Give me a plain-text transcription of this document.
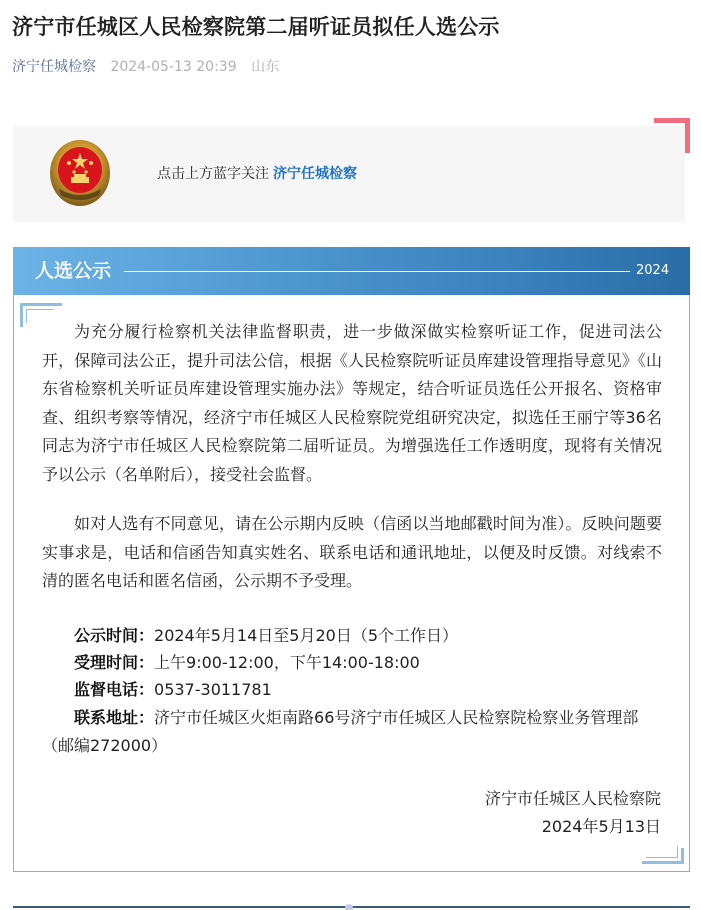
济宁市任城区人民检察院第二届听证员拟任人选公示
济宁任城检察 2024-05-13 20:39 山东
点击上方蓝字关注 济宁任城检察
人选公示	2024

为充分履行检察机关法律监督职责，进一步做深做实检察听证工作，促进司法公开，保障司法公正，提升司法公信，根据《人民检察院听证员库建设管理指导意见》《山东省检察机关听证员库建设管理实施办法》等规定，结合听证员选任公开报名、资格审查、组织考察等情况，经济宁市任城区人民检察院党组研究决定，拟选任王丽宁等36名同志为济宁市任城区人民检察院第二届听证员。为增强选任工作透明度，现将有关情况予以公示（名单附后），接受社会监督。

如对人选有不同意见，请在公示期内反映（信函以当地邮戳时间为准）。反映问题要实事求是，电话和信函告知真实姓名、联系电话和通讯地址，以便及时反馈。对线索不清的匿名电话和匿名信函，公示期不予受理。

公示时间：2024年5月14日至5月20日（5个工作日）
受理时间：上午9:00-12:00，下午14:00-18:00
监督电话：0537-3011781
联系地址：济宁市任城区火炬南路66号济宁市任城区人民检察院检察业务管理部（邮编272000）
济宁市任城区人民检察院
2024年5月13日
